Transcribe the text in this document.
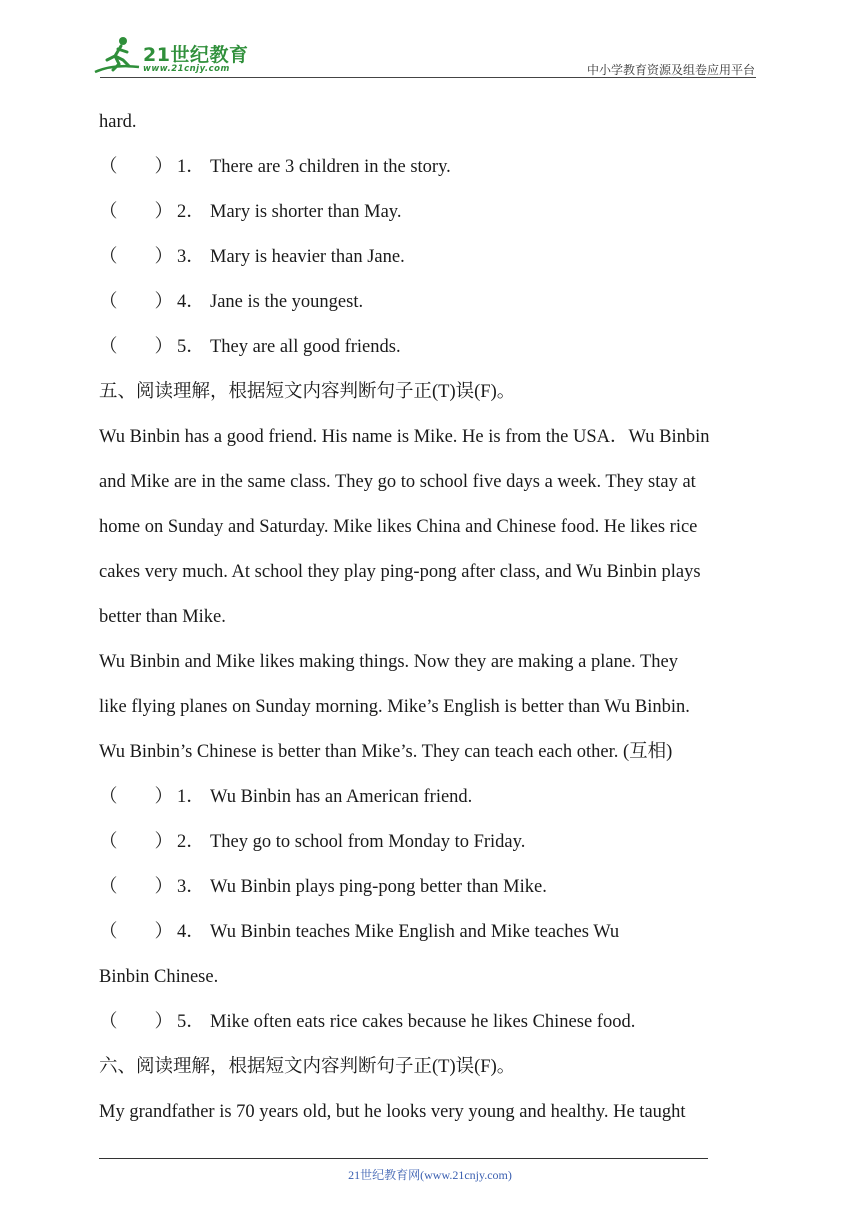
21世纪教育
www.21cnjy.com	中小学教育资源及组卷应用平台
hard.
（　　） 1． There are 3 children in the story.
（　　） 2． Mary is shorter than May.
（　　） 3． Mary is heavier than Jane.
（　　） 4． Jane is the youngest.
（　　） 5． They are all good friends.
五、阅读理解，根据短文内容判断句子正(T)误(F)。
Wu Binbin has a good friend. His name is Mike. He is from the USA．Wu Binbin
and Mike are in the same class. They go to school five days a week. They stay at
home on Sunday and Saturday. Mike likes China and Chinese food. He likes rice
cakes very much. At school they play ping-pong after class, and Wu Binbin plays
better than Mike.
Wu Binbin and Mike likes making things. Now they are making a plane. They
like flying planes on Sunday morning. Mike’s English is better than Wu Binbin.
Wu Binbin’s Chinese is better than Mike’s. They can teach each other. (互相)
（　　） 1． Wu Binbin has an American friend.
（　　） 2． They go to school from Monday to Friday.
（　　） 3． Wu Binbin plays ping-pong better than Mike.
（　　） 4． Wu Binbin teaches Mike English and Mike teaches Wu
Binbin Chinese.
（　　） 5． Mike often eats rice cakes because he likes Chinese food.
六、阅读理解，根据短文内容判断句子正(T)误(F)。
My grandfather is 70 years old, but he looks very young and healthy. He taught
21世纪教育网(www.21cnjy.com)
